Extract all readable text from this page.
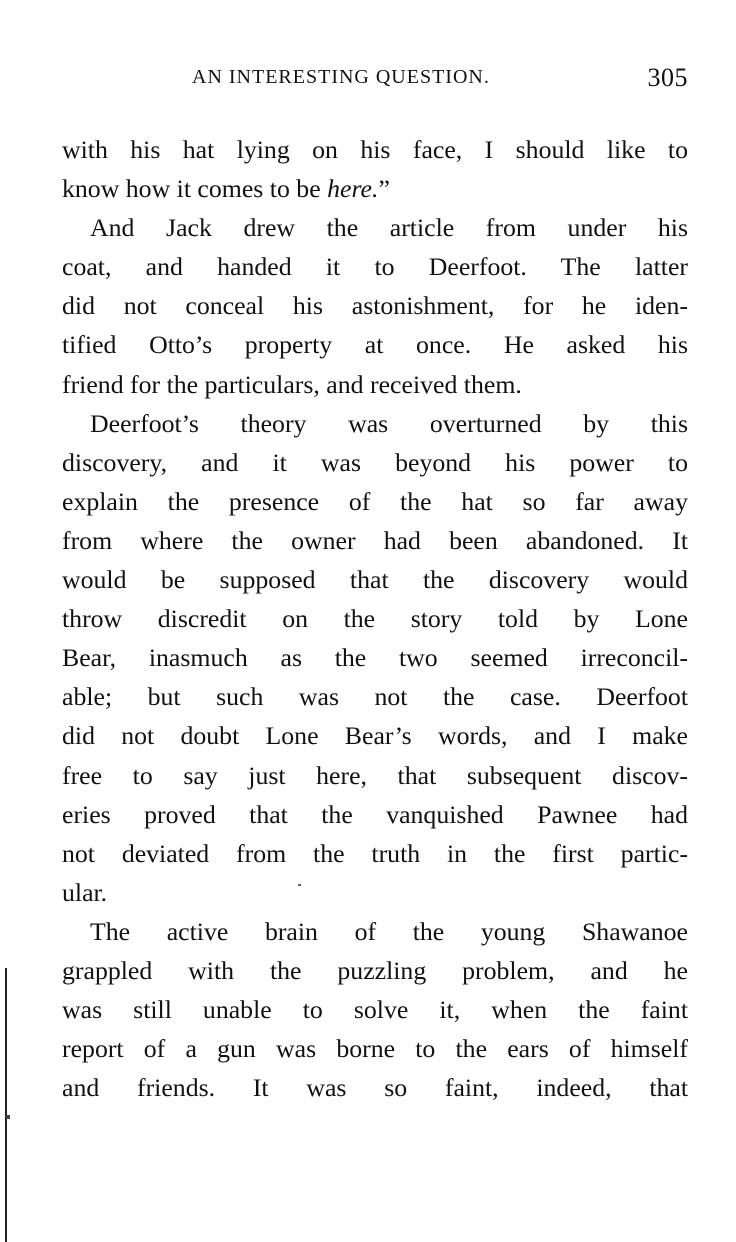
AN INTERESTING QUESTION.	305
with his hat lying on his face, I should like to
know how it comes to be here.”
And Jack drew the article from under his
coat, and handed it to Deerfoot. The latter
did not conceal his astonishment, for he iden-
tified Otto’s property at once. He asked his
friend for the particulars, and received them.
Deerfoot’s theory was overturned by this
discovery, and it was beyond his power to
explain the presence of the hat so far away
from where the owner had been abandoned. It
would be supposed that the discovery would
throw discredit on the story told by Lone
Bear, inasmuch as the two seemed irreconcil-
able; but such was not the case. Deerfoot
did not doubt Lone Bear’s words, and I make
free to say just here, that subsequent discov-
eries proved that the vanquished Pawnee had
not deviated from the truth in the first partic-
ular.
The active brain of the young Shawanoe
grappled with the puzzling problem, and he
was still unable to solve it, when the faint
report of a gun was borne to the ears of himself
and friends. It was so faint, indeed, that
